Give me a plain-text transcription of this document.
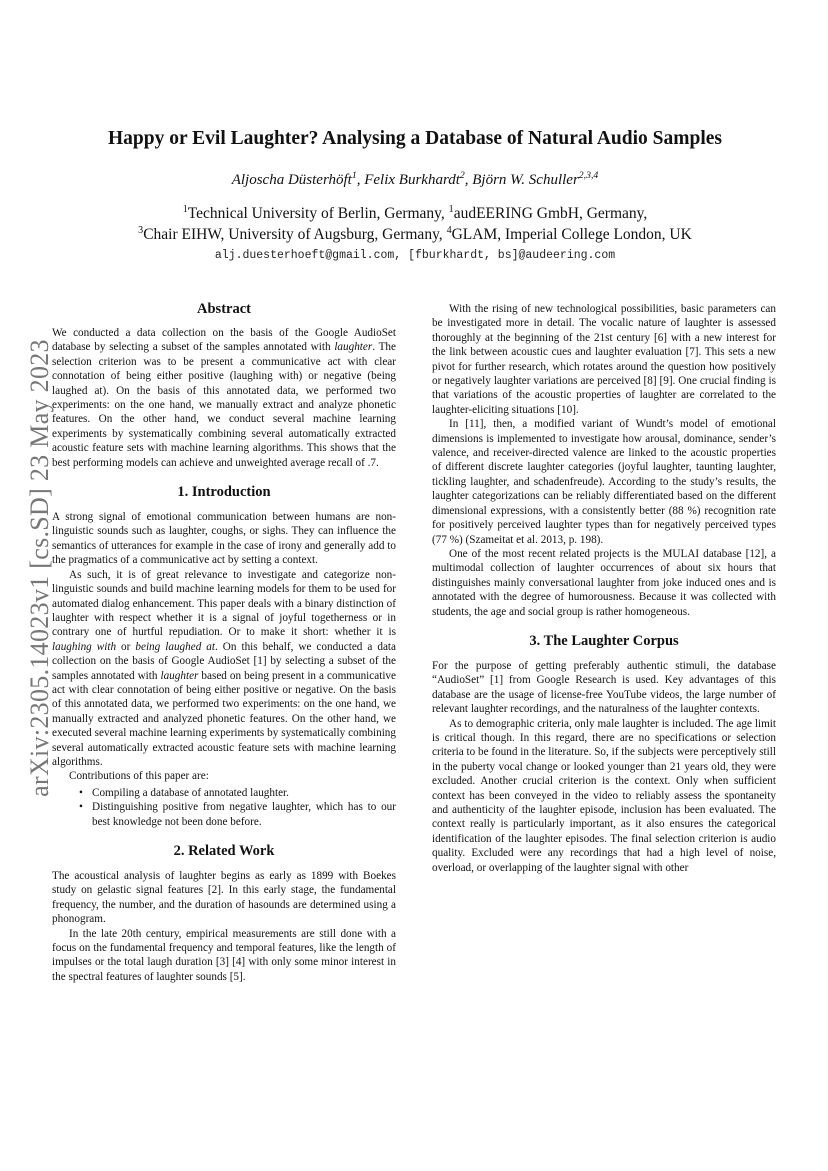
arXiv:2305.14023v1 [cs.SD] 23 May 2023
Happy or Evil Laughter? Analysing a Database of Natural Audio Samples
Aljoscha Düsterhöft$^1$, Felix Burkhardt$^2$, Björn W. Schuller$^{2,3,4}$
$^1$Technical University of Berlin, Germany, $^1$audEERING GmbH, Germany,
$^3$Chair EIHW, University of Augsburg, Germany, $^4$GLAM, Imperial College London, UK
alj.duesterhoeft@gmail.com, [fburkhardt, bs]@audeering.com
Abstract

We conducted a data collection on the basis of the Google AudioSet database by selecting a subset of the samples annotated with laughter. The selection criterion was to be present a communicative act with clear connotation of being either positive (laughing with) or negative (being laughed at). On the basis of this annotated data, we performed two experiments: on the one hand, we manually extract and analyze phonetic features. On the other hand, we conduct several machine learning experiments by systematically combining several automatically extracted acoustic feature sets with machine learning algorithms. This shows that the best performing models can achieve and unweighted average recall of .7.

1. Introduction

A strong signal of emotional communication between humans are non-linguistic sounds such as laughter, coughs, or sighs. They can influence the semantics of utterances for example in the case of irony and generally add to the pragmatics of a communicative act by setting a context.

As such, it is of great relevance to investigate and categorize non-linguistic sounds and build machine learning models for them to be used for automated dialog enhancement. This paper deals with a binary distinction of laughter with respect whether it is a signal of joyful togetherness or in contrary one of hurtful repudiation. Or to make it short: whether it is laughing with or being laughed at. On this behalf, we conducted a data collection on the basis of Google AudioSet [1] by selecting a subset of the samples annotated with laughter based on being present in a communicative act with clear connotation of being either positive or negative. On the basis of this annotated data, we performed two experiments: on the one hand, we manually extracted and analyzed phonetic features. On the other hand, we executed several machine learning experiments by systematically combining several automatically extracted acoustic feature sets with machine learning algorithms.

Contributions of this paper are:

• Compiling a database of annotated laughter.
• Distinguishing positive from negative laughter, which has to our best knowledge not been done before.
2. Related Work

The acoustical analysis of laughter begins as early as 1899 with Boekes study on gelastic signal features [2]. In this early stage, the fundamental frequency, the number, and the duration of hasounds are determined using a phonogram.

In the late 20th century, empirical measurements are still done with a focus on the fundamental frequency and temporal features, like the length of impulses or the total laugh duration [3] [4] with only some minor interest in the spectral features of laughter sounds [5].

With the rising of new technological possibilities, basic parameters can be investigated more in detail. The vocalic nature of laughter is assessed thoroughly at the beginning of the 21st century [6] with a new interest for the link between acoustic cues and laughter evaluation [7]. This sets a new pivot for further research, which rotates around the question how positively or negatively laughter variations are perceived [8] [9]. One crucial finding is that variations of the acoustic properties of laughter are correlated to the laughter-eliciting situations [10].

In [11], then, a modified variant of Wundt’s model of emotional dimensions is implemented to investigate how arousal, dominance, sender’s valence, and receiver-directed valence are linked to the acoustic properties of different discrete laughter categories (joyful laughter, taunting laughter, tickling laughter, and schadenfreude). According to the study’s results, the laughter categorizations can be reliably differentiated based on the different dimensional expressions, with a consistently better (88 %) recognition rate for positively perceived laughter types than for negatively perceived types (77 %) (Szameitat et al. 2013, p. 198).

One of the most recent related projects is the MULAI database [12], a multimodal collection of laughter occurrences of about six hours that distinguishes mainly conversational laughter from joke induced ones and is annotated with the degree of humorousness. Because it was collected with students, the age and social group is rather homogeneous.

3. The Laughter Corpus

For the purpose of getting preferably authentic stimuli, the database “AudioSet” [1] from Google Research is used. Key advantages of this database are the usage of license-free YouTube videos, the large number of relevant laughter recordings, and the naturalness of the laughter contexts.

As to demographic criteria, only male laughter is included. The age limit is critical though. In this regard, there are no specifications or selection criteria to be found in the literature. So, if the subjects were perceptively still in the puberty vocal change or looked younger than 21 years old, they were excluded. Another crucial criterion is the context. Only when sufficient context has been conveyed in the video to reliably assess the spontaneity and authenticity of the laughter episode, inclusion has been evaluated. The context really is particularly important, as it also ensures the categorical identification of the laughter episodes. The final selection criterion is audio quality. Excluded were any recordings that had a high level of noise, overload, or overlapping of the laughter signal with other
